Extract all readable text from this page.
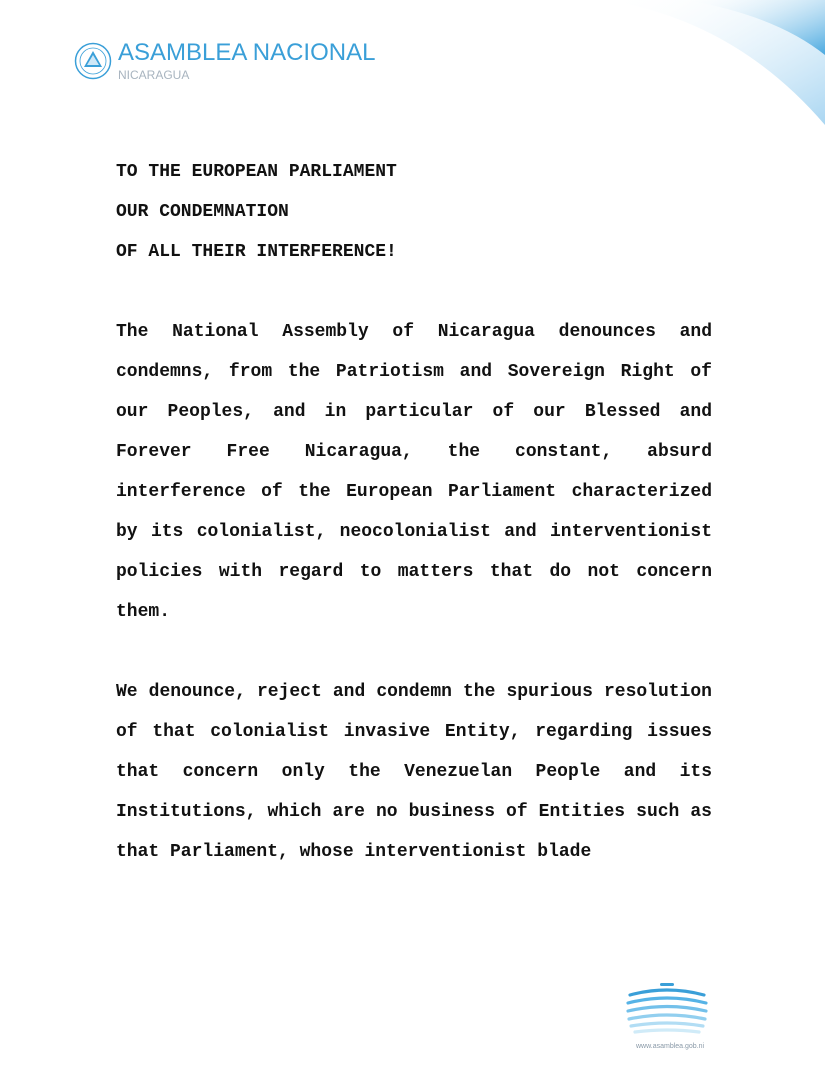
ASAMBLEA NACIONAL
NICARAGUA
TO THE EUROPEAN PARLIAMENT
OUR CONDEMNATION
OF ALL THEIR INTERFERENCE!

The National Assembly of Nicaragua denounces and condemns, from the Patriotism and Sovereign Right of our Peoples, and in particular of our Blessed and Forever Free Nicaragua, the constant, absurd interference of the European Parliament characterized by its colonialist, neocolonialist and interventionist policies with regard to matters that do not concern them.

We denounce, reject and condemn the spurious resolution of that colonialist invasive Entity, regarding issues that concern only the Venezuelan People and its Institutions, which are no business of Entities such as that Parliament, whose interventionist blade

www.asamblea.gob.ni
